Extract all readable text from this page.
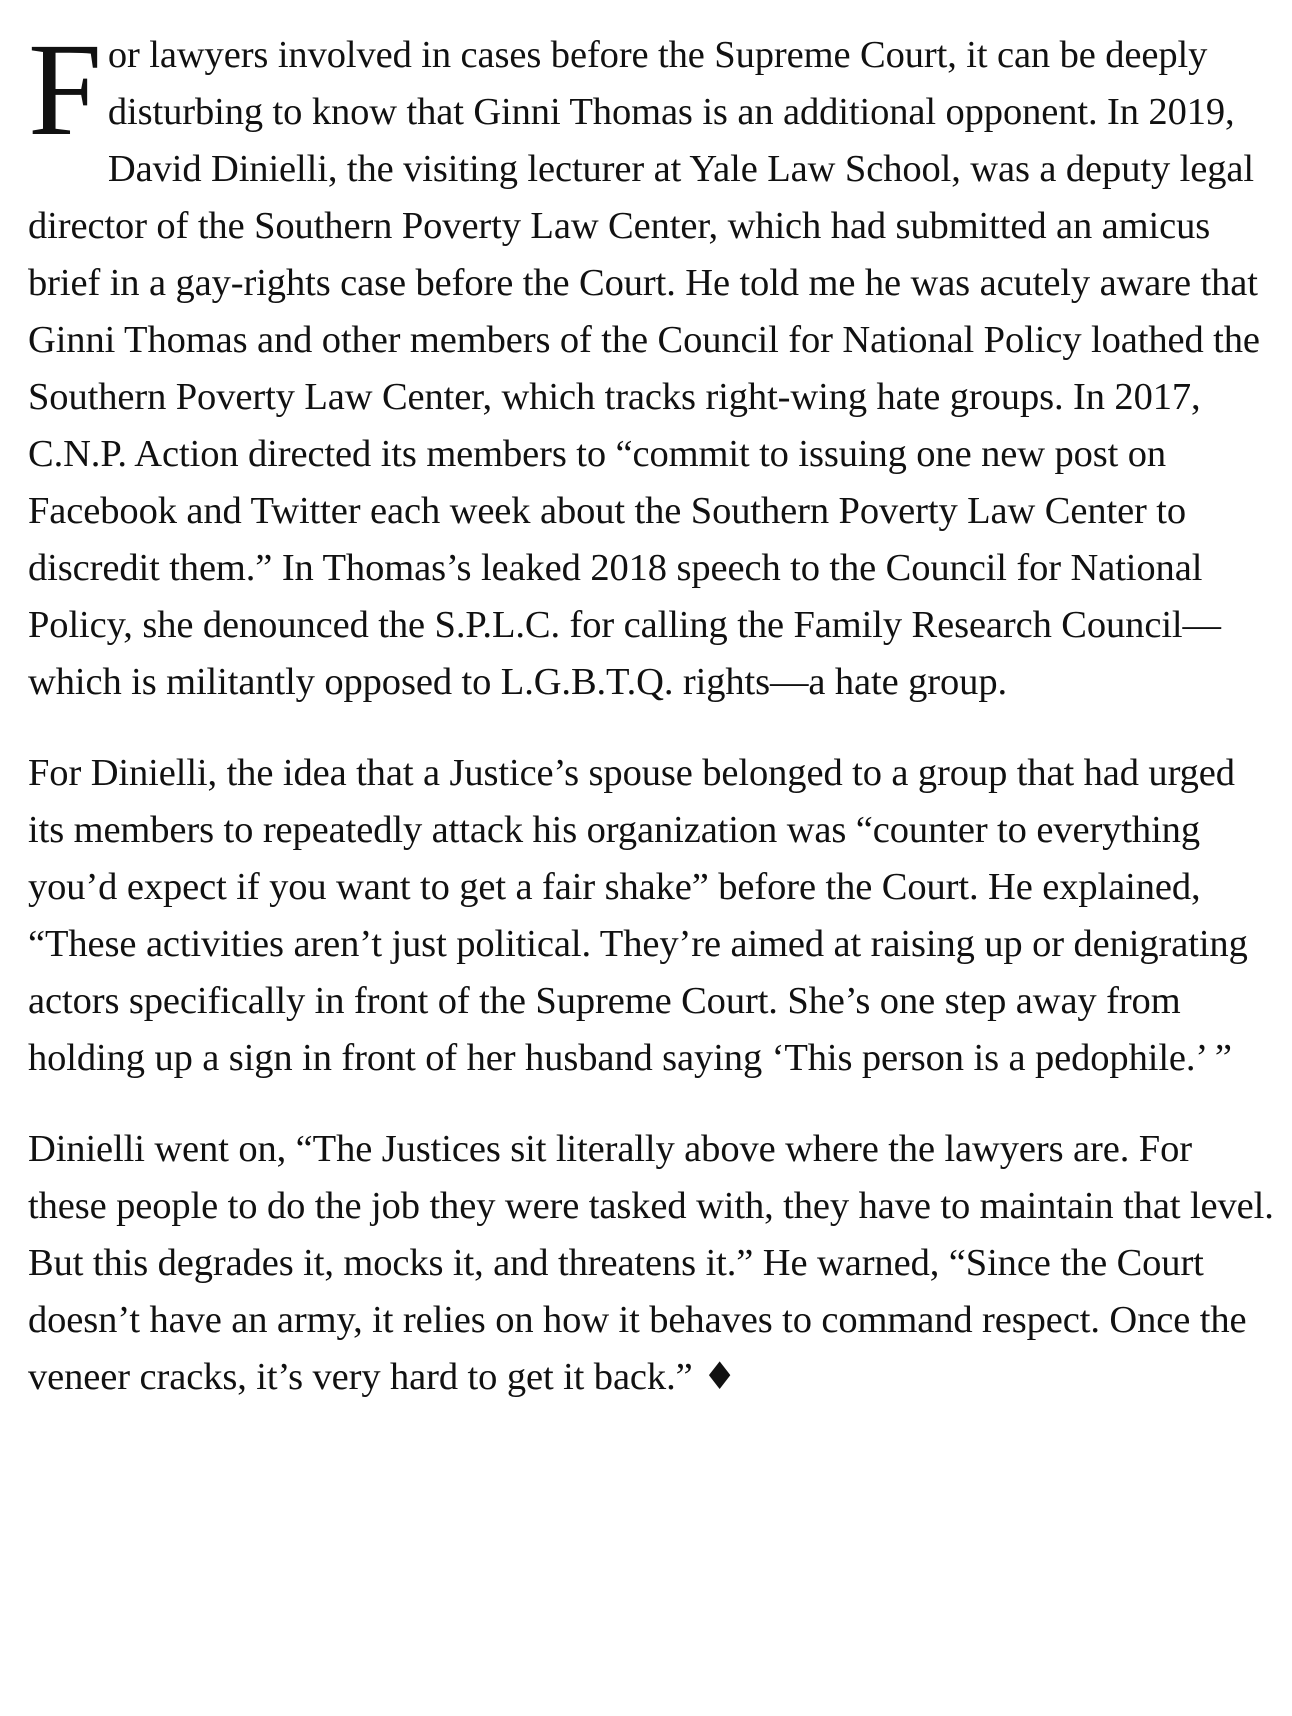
For lawyers involved in cases before the Supreme Court, it can be deeply disturbing to know that Ginni Thomas is an additional opponent. In 2019, David Dinielli, the visiting lecturer at Yale Law School, was a deputy legal director of the Southern Poverty Law Center, which had submitted an amicus brief in a gay-rights case before the Court. He told me he was acutely aware that Ginni Thomas and other members of the Council for National Policy loathed the Southern Poverty Law Center, which tracks right-wing hate groups. In 2017, C.N.P. Action directed its members to “commit to issuing one new post on Facebook and Twitter each week about the Southern Poverty Law Center to discredit them.” In Thomas’s leaked 2018 speech to the Council for National Policy, she denounced the S.P.L.C. for calling the Family Research Council—which is militantly opposed to L.G.B.T.Q. rights—a hate group.

For Dinielli, the idea that a Justice’s spouse belonged to a group that had urged its members to repeatedly attack his organization was “counter to everything you’d expect if you want to get a fair shake” before the Court. He explained, “These activities aren’t just political. They’re aimed at raising up or denigrating actors specifically in front of the Supreme Court. She’s one step away from holding up a sign in front of her husband saying ‘This person is a pedophile.’ ”

Dinielli went on, “The Justices sit literally above where the lawyers are. For these people to do the job they were tasked with, they have to maintain that level. But this degrades it, mocks it, and threatens it.” He warned, “Since the Court doesn’t have an army, it relies on how it behaves to command respect. Once the veneer cracks, it’s very hard to get it back.” ♦
